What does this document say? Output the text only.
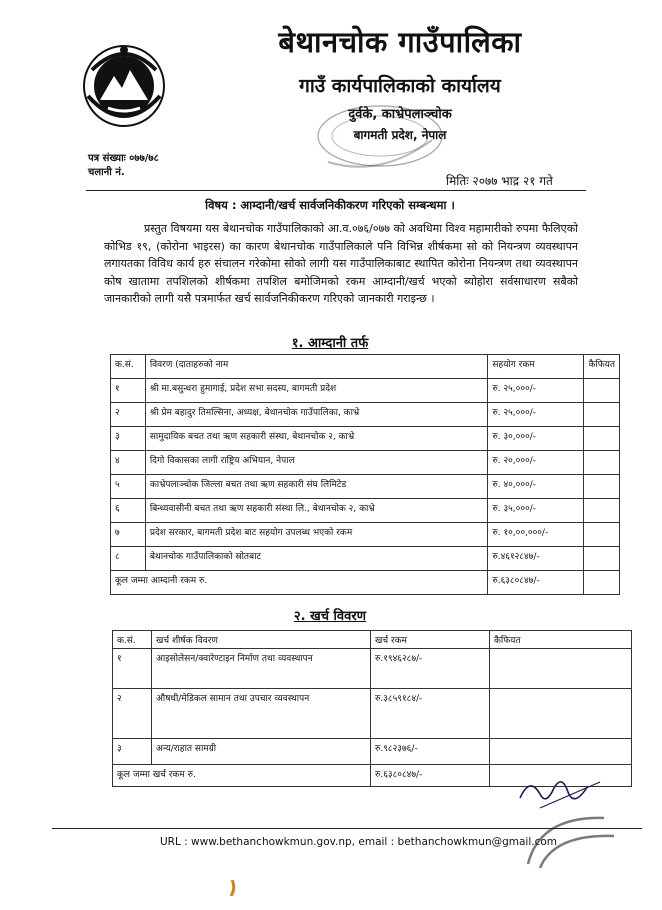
बेथानचोक गाउँपालिका
गाउँ कार्यपालिकाको कार्यालय
दुर्वके, काभ्रेपलाञ्चोक
बागमती प्रदेश, नेपाल
पत्र संख्याः ०७७/७८
चलानी नं.
मितिः २०७७ भाद्र २१ गते
विषय : आम्दानी/खर्च सार्वजनिकीकरण गरिएको सम्बन्धमा ।

प्रस्तुत विषयमा यस बेथानचोक गाउँपालिकाको आ.व.०७६/०७७ को अवधिमा विश्व महामारीको रुपमा फैलिएको कोभिड १९, (कोरोना भाइरस) का कारण बेथानचोक गाउँपालिकाले पनि विभिन्न शीर्षकमा सो को नियन्त्रण व्यवस्थापन लगायतका विविध कार्य हरु संचालन गरेकोमा सोको लागी यस गाउँपालिकाबाट स्थापित कोरोना नियन्त्रण तथा व्यवस्थापन कोष खातामा तपशिलको शीर्षकमा तपशिल बमोजिमको रकम आम्दानी/खर्च भएको ब्योहोरा सर्वसाधारण सबैको जानकारीको लागी यसै पत्रमार्फत खर्च सार्वजनिकीकरण गरिएको जानकारी गराइन्छ ।

१. आम्दानी तर्फ
क.सं.	विवरण (दाताहरुको नाम	सहयोग रकम	कैफियत
१	श्री मा.बसुन्धरा हुमागाई, प्रदेश सभा सदस्य, बागमती प्रदेश	रु. २५,०००/-	
२	श्री प्रेम बहादुर तिमल्सिना, अध्यक्ष, बेथानचोक गाउँपालिका, काभ्रे	रु. २५,०००/-	
३	सामुदायिक बचत तथा ऋण सहकारी संस्था, बेथानचोक २, काभ्रे	रु. ३०,०००/-	
४	दिगो विकासका लागी राष्ट्रिय अभियान, नेपाल	रु. २०,०००/-	
५	काभ्रेपलाञ्चोक जिल्ला बचत तथा ऋण सहकारी संघ लिमिटेड	रु. ४०,०००/-	
६	बिन्ध्यवासीनी बचत तथा ऋण सहकारी संस्था लि., बेथानचोक २, काभ्रे	रु. ३५,०००/-	
७	प्रदेश सरकार, बागमती प्रदेश बाट सहयोग उपलब्ध भएको रकम	रु. १०,००,०००/-	
८	बेथानचोक गाउँपालिकाको स्रोतबाट	रु.४६१२८४७/-	
कूल जम्मा आम्दानी रकम रु.		रु.६३८०८४७/-	
२. खर्च विवरण
क.सं.	खर्च शीर्षक विवरण	खर्च रकम	कैफियत
१	आइसोलेसन/क्वारेण्टाइन निर्माण तथा व्यवस्थापन	रु.१९४६२८७/-	
२	औषधी/मेडिकल सामान तथा उपचार व्यवस्थापन	रु.३८५९१८४/-	
३	अन्य/राहात सामग्री	रु.९८२३७६/-	
कूल जम्मा खर्च रकम रु.		रु.६३८०८४७/-	
URL : www.bethanchowkmun.gov.np, email : bethanchowkmun@gmail.com
